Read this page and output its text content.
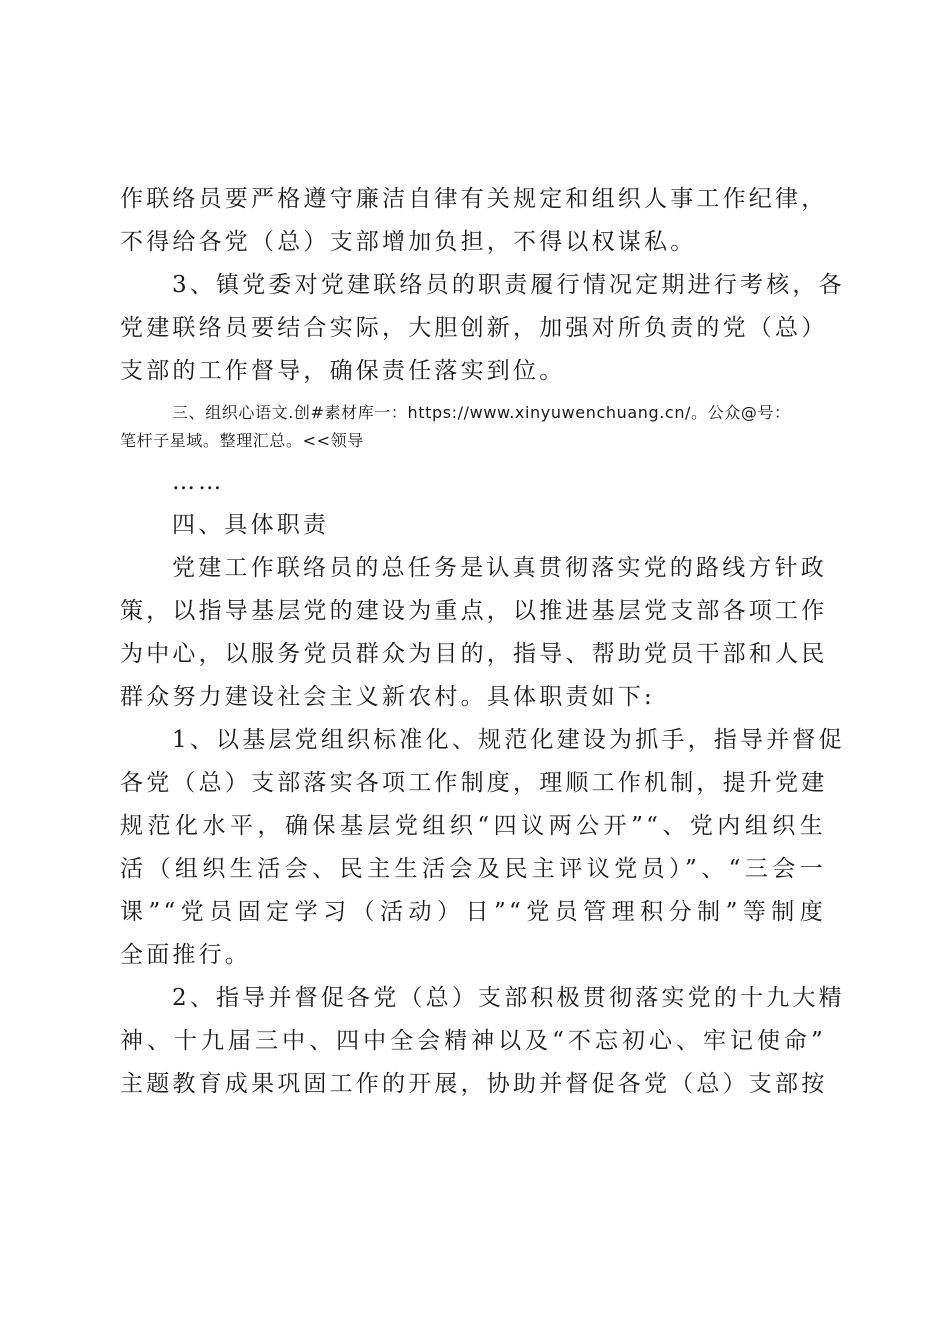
作联络员要严格遵守廉洁自律有关规定和组织人事工作纪律，
不得给各党（总）支部增加负担，不得以权谋私。
3、镇党委对党建联络员的职责履行情况定期进行考核，各
党建联络员要结合实际，大胆创新，加强对所负责的党（总）
支部的工作督导，确保责任落实到位。
三、组织心语文.创#素材库一：https://www.xinyuwenchuang.cn/。公众@号：
笔杆子星域。整理汇总。<<领导
……
四、具体职责
党建工作联络员的总任务是认真贯彻落实党的路线方针政
策，以指导基层党的建设为重点，以推进基层党支部各项工作
为中心，以服务党员群众为目的，指导、帮助党员干部和人民
群众努力建设社会主义新农村。具体职责如下:
1、以基层党组织标准化、规范化建设为抓手，指导并督促
各党（总）支部落实各项工作制度，理顺工作机制，提升党建
规范化水平，确保基层党组织“四议两公开”“、党内组织生
活（组织生活会、民主生活会及民主评议党员）”、“三会一
课”“党员固定学习（活动）日”“党员管理积分制”等制度
全面推行。
2、指导并督促各党（总）支部积极贯彻落实党的十九大精
神、十九届三中、四中全会精神以及“不忘初心、牢记使命”
主题教育成果巩固工作的开展，协助并督促各党（总）支部按
